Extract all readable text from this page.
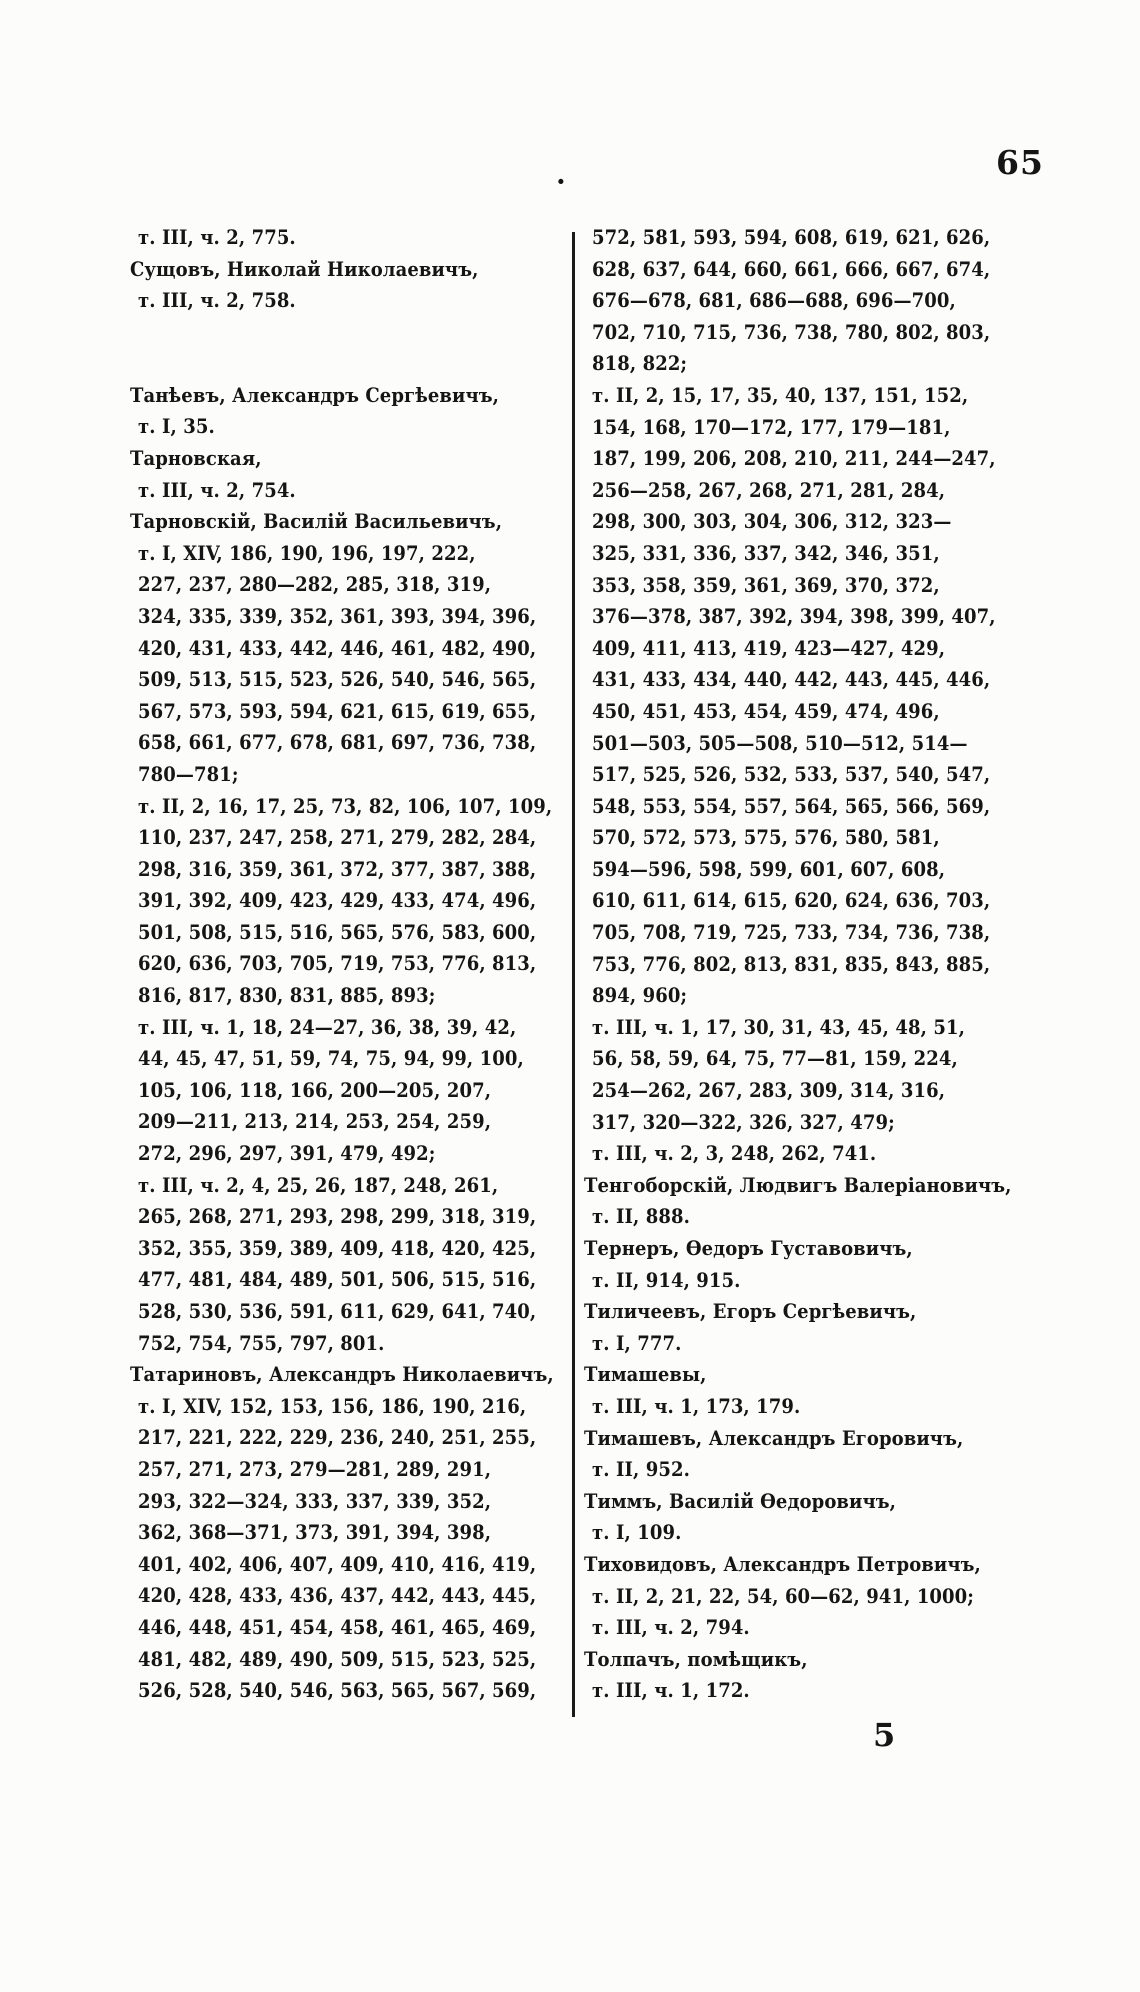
65
·
т. III, ч. 2, 775.
Сущовъ, Николай Николаевичъ,
т. III, ч. 2, 758.
Танѣевъ, Александръ Сергѣевичъ,
т. I, 35.
Тарновская,
т. III, ч. 2, 754.
Тарновскій, Василій Васильевичъ,
т. I, XIV, 186, 190, 196, 197, 222,
227, 237, 280—282, 285, 318, 319,
324, 335, 339, 352, 361, 393, 394, 396,
420, 431, 433, 442, 446, 461, 482, 490,
509, 513, 515, 523, 526, 540, 546, 565,
567, 573, 593, 594, 621, 615, 619, 655,
658, 661, 677, 678, 681, 697, 736, 738,
780—781;
т. II, 2, 16, 17, 25, 73, 82, 106, 107, 109,
110, 237, 247, 258, 271, 279, 282, 284,
298, 316, 359, 361, 372, 377, 387, 388,
391, 392, 409, 423, 429, 433, 474, 496,
501, 508, 515, 516, 565, 576, 583, 600,
620, 636, 703, 705, 719, 753, 776, 813,
816, 817, 830, 831, 885, 893;
т. III, ч. 1, 18, 24—27, 36, 38, 39, 42,
44, 45, 47, 51, 59, 74, 75, 94, 99, 100,
105, 106, 118, 166, 200—205, 207,
209—211, 213, 214, 253, 254, 259,
272, 296, 297, 391, 479, 492;
т. III, ч. 2, 4, 25, 26, 187, 248, 261,
265, 268, 271, 293, 298, 299, 318, 319,
352, 355, 359, 389, 409, 418, 420, 425,
477, 481, 484, 489, 501, 506, 515, 516,
528, 530, 536, 591, 611, 629, 641, 740,
752, 754, 755, 797, 801.
Татариновъ, Александръ Николаевичъ,
т. I, XIV, 152, 153, 156, 186, 190, 216,
217, 221, 222, 229, 236, 240, 251, 255,
257, 271, 273, 279—281, 289, 291,
293, 322—324, 333, 337, 339, 352,
362, 368—371, 373, 391, 394, 398,
401, 402, 406, 407, 409, 410, 416, 419,
420, 428, 433, 436, 437, 442, 443, 445,
446, 448, 451, 454, 458, 461, 465, 469,
481, 482, 489, 490, 509, 515, 523, 525,
526, 528, 540, 546, 563, 565, 567, 569,
572, 581, 593, 594, 608, 619, 621, 626,
628, 637, 644, 660, 661, 666, 667, 674,
676—678, 681, 686—688, 696—700,
702, 710, 715, 736, 738, 780, 802, 803,
818, 822;
т. II, 2, 15, 17, 35, 40, 137, 151, 152,
154, 168, 170—172, 177, 179—181,
187, 199, 206, 208, 210, 211, 244—247,
256—258, 267, 268, 271, 281, 284,
298, 300, 303, 304, 306, 312, 323—
325, 331, 336, 337, 342, 346, 351,
353, 358, 359, 361, 369, 370, 372,
376—378, 387, 392, 394, 398, 399, 407,
409, 411, 413, 419, 423—427, 429,
431, 433, 434, 440, 442, 443, 445, 446,
450, 451, 453, 454, 459, 474, 496,
501—503, 505—508, 510—512, 514—
517, 525, 526, 532, 533, 537, 540, 547,
548, 553, 554, 557, 564, 565, 566, 569,
570, 572, 573, 575, 576, 580, 581,
594—596, 598, 599, 601, 607, 608,
610, 611, 614, 615, 620, 624, 636, 703,
705, 708, 719, 725, 733, 734, 736, 738,
753, 776, 802, 813, 831, 835, 843, 885,
894, 960;
т. III, ч. 1, 17, 30, 31, 43, 45, 48, 51,
56, 58, 59, 64, 75, 77—81, 159, 224,
254—262, 267, 283, 309, 314, 316,
317, 320—322, 326, 327, 479;
т. III, ч. 2, 3, 248, 262, 741.
Тенгоборскій, Людвигъ Валеріановичъ,
т. II, 888.
Тернеръ, Ѳедоръ Густавовичъ,
т. II, 914, 915.
Тиличеевъ, Егоръ Сергѣевичъ,
т. I, 777.
Тимашевы,
т. III, ч. 1, 173, 179.
Тимашевъ, Александръ Егоровичъ,
т. II, 952.
Тиммъ, Василій Ѳедоровичъ,
т. I, 109.
Тиховидовъ, Александръ Петровичъ,
т. II, 2, 21, 22, 54, 60—62, 941, 1000;
т. III, ч. 2, 794.
Толпачъ, помѣщикъ,
т. III, ч. 1, 172.
5
